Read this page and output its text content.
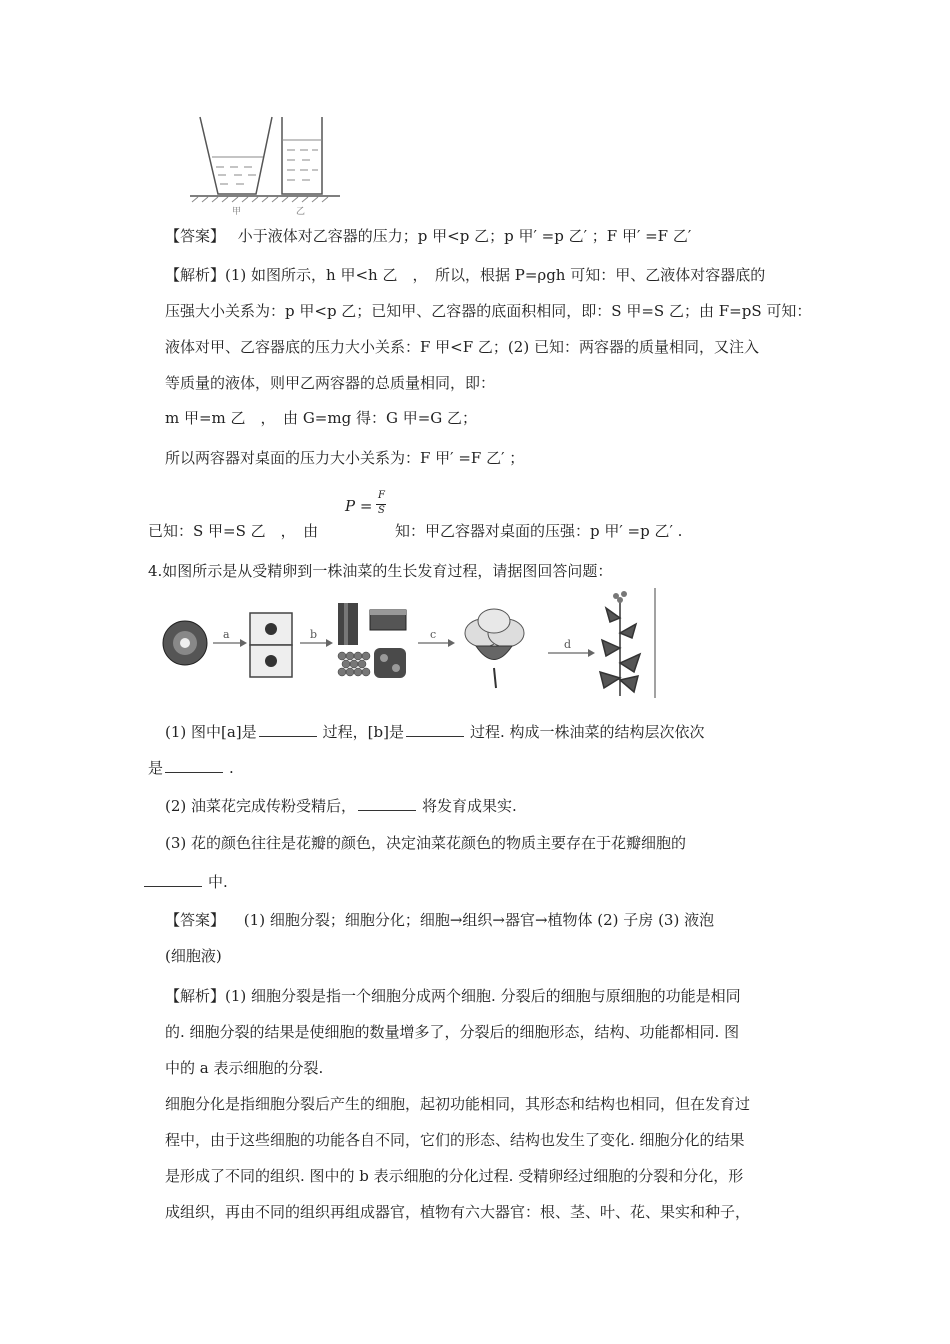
甲	乙
【答案】 小于液体对乙容器的压力；p 甲<p 乙；p 甲′ =p 乙′ ；F 甲′ =F 乙′
【解析】(1) 如图所示，h 甲<h 乙　，　所以，根据 P=ρgh 可知：甲、乙液体对容器底的
压强大小关系为：p 甲<p 乙；已知甲、乙容器的底面积相同，即：S 甲=S 乙；由 F=pS 可知：
液体对甲、乙容器底的压力大小关系：F 甲<F 乙；(2) 已知：两容器的质量相同，又注入
等质量的液体，则甲乙两容器的总质量相同，即：
m 甲=m 乙　，　由 G=mg 得：G 甲=G 乙；
所以两容器对桌面的压力大小关系为：F 甲′ =F 乙′ ；
P =
F
S
已知：S 甲=S 乙　，　由	知：甲乙容器对桌面的压强：p 甲′ =p 乙′ .
4.如图所示是从受精卵到一株油菜的生长发育过程，请据图回答问题：
a	b	c
d
(1) 图中[a]是	过程，[b]是	过程. 构成一株油菜的结构层次依次
是	.
(2) 油菜花完成传粉受精后，	将发育成果实.
(3) 花的颜色往往是花瓣的颜色，决定油菜花颜色的物质主要存在于花瓣细胞的
中.
【答案】 (1) 细胞分裂；细胞分化；细胞→组织→器官→植物体 (2) 子房 (3) 液泡
(细胞液)
【解析】(1) 细胞分裂是指一个细胞分成两个细胞. 分裂后的细胞与原细胞的功能是相同
的. 细胞分裂的结果是使细胞的数量增多了，分裂后的细胞形态，结构、功能都相同. 图
中的 a 表示细胞的分裂.
细胞分化是指细胞分裂后产生的细胞，起初功能相同，其形态和结构也相同，但在发育过
程中，由于这些细胞的功能各自不同，它们的形态、结构也发生了变化. 细胞分化的结果
是形成了不同的组织. 图中的 b 表示细胞的分化过程. 受精卵经过细胞的分裂和分化，形
成组织，再由不同的组织再组成器官，植物有六大器官：根、茎、叶、花、果实和种子，
